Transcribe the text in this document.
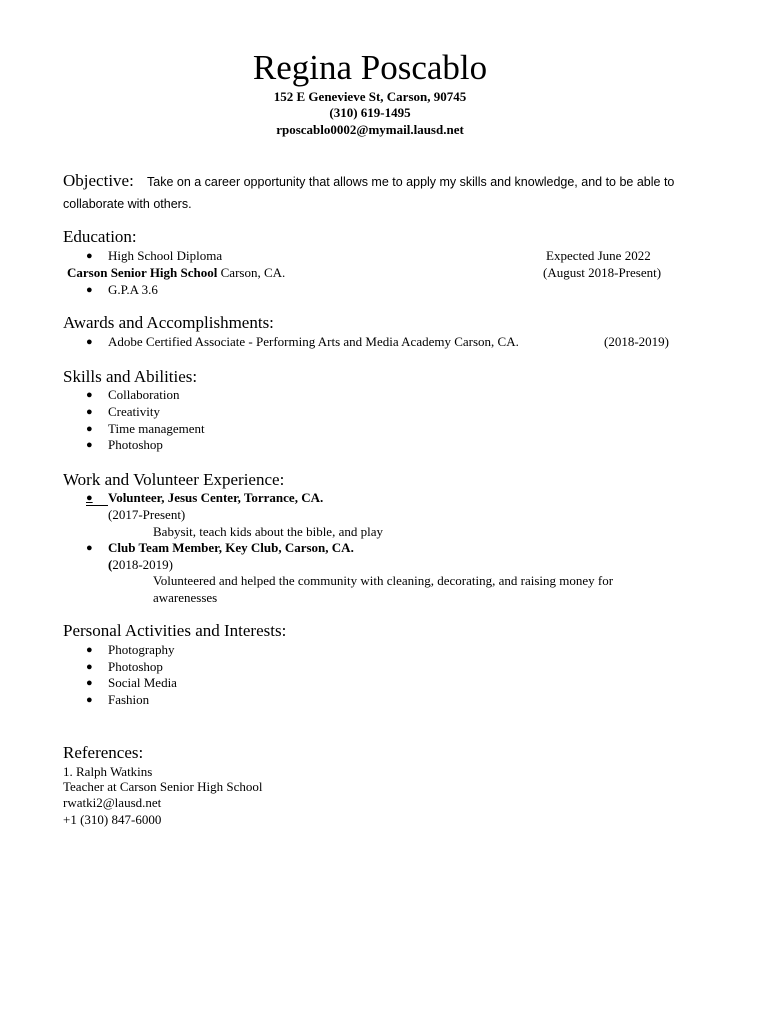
Regina Poscablo
152 E Genevieve St, Carson, 90745
(310) 619-1495
rposcablo0002@mymail.lausd.net
Objective: Take on a career opportunity that allows me to apply my skills and knowledge, and to be able to
collaborate with others.
Education:
● High School Diploma	Expected June 2022
Carson Senior High School Carson, CA.	(August 2018-Present)
● G.P.A 3.6
Awards and Accomplishments:
● Adobe Certified Associate - Performing Arts and Media Academy Carson, CA.	(2018-2019)
Skills and Abilities:
● Collaboration
● Creativity
● Time management
● Photoshop
Work and Volunteer Experience:
● Volunteer, Jesus Center, Torrance, CA.
(2017-Present)
Babysit, teach kids about the bible, and play
● Club Team Member, Key Club, Carson, CA.
(2018-2019)
Volunteered and helped the community with cleaning, decorating, and raising money for
awarenesses
Personal Activities and Interests:
● Photography
● Photoshop
● Social Media
● Fashion
References:
1. Ralph Watkins
Teacher at Carson Senior High School
rwatki2@lausd.net
+1 (310) 847-6000
